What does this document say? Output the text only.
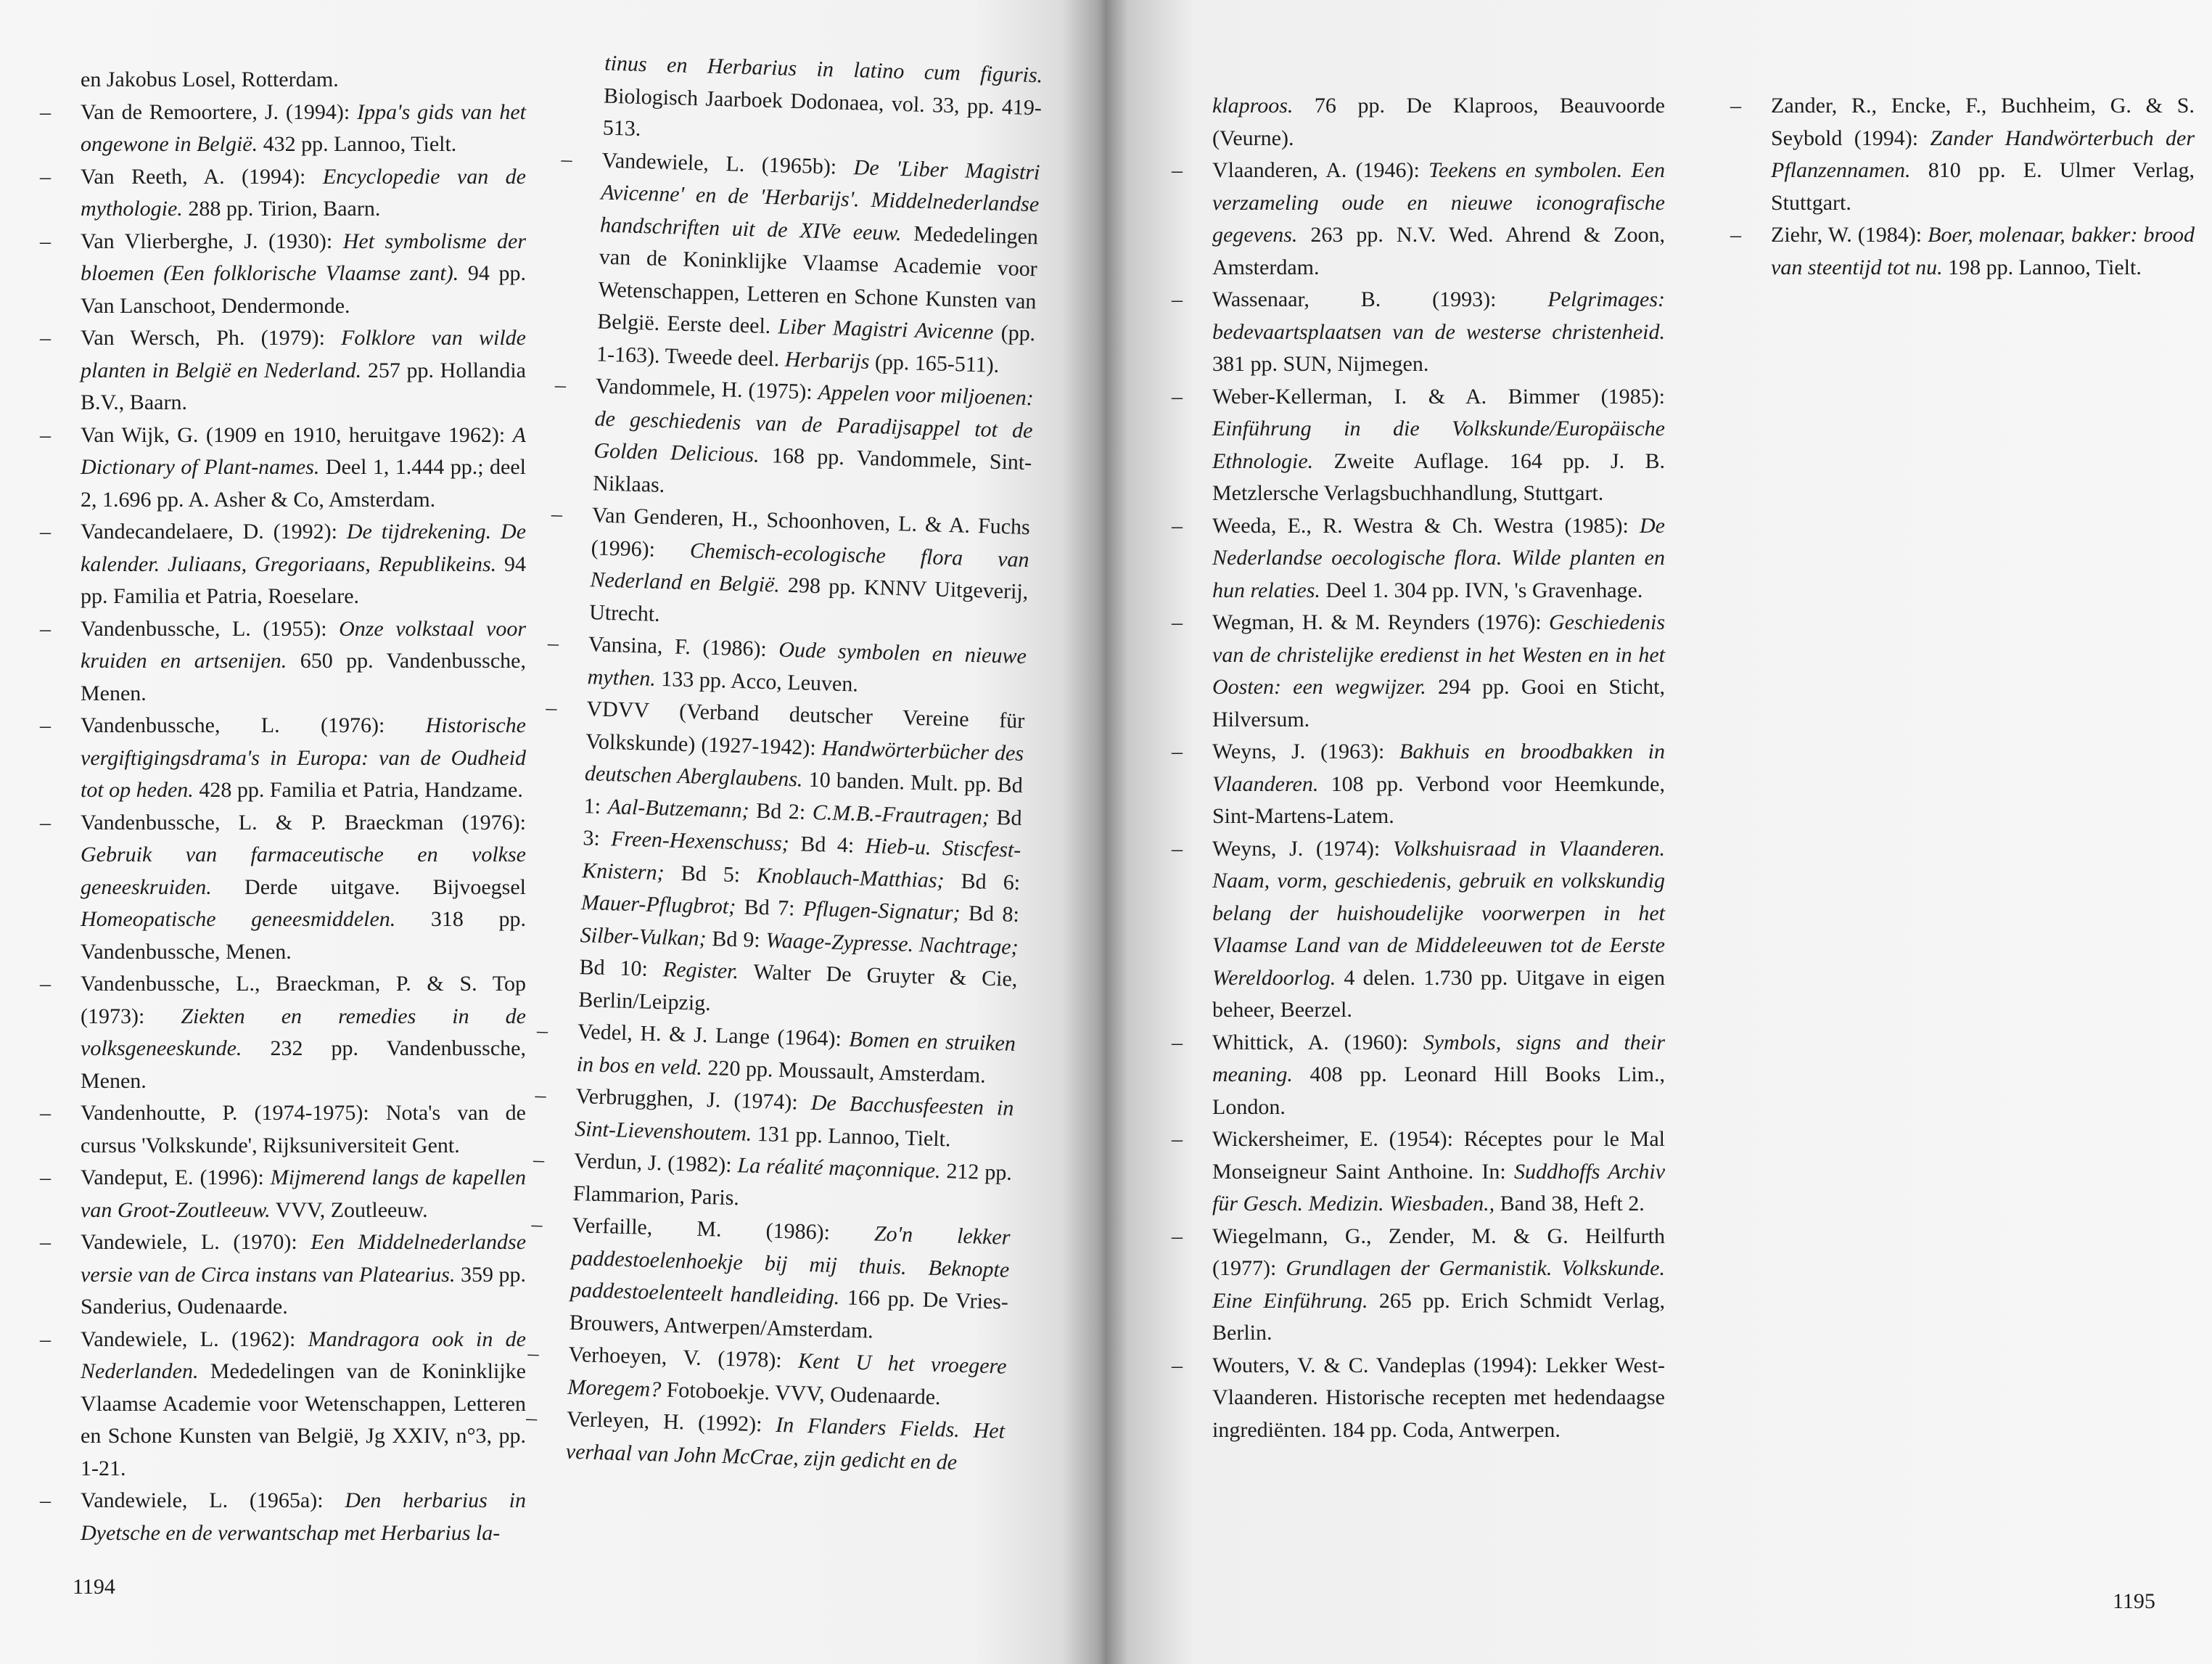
en Jakobus Losel, Rotterdam.

–	Van de Remoortere, J. (1994): Ippa's gids van het ongewone in België. 432 pp. Lannoo, Tielt.

–	Van Reeth, A. (1994): Encyclopedie van de mythologie. 288 pp. Tirion, Baarn.

–	Van Vlierberghe, J. (1930): Het symbolisme der bloemen (Een folklorische Vlaamse zant). 94 pp. Van Lanschoot, Dendermonde.

–	Van Wersch, Ph. (1979): Folklore van wilde planten in België en Nederland. 257 pp. Hollandia B.V., Baarn.

–	Van Wijk, G. (1909 en 1910, heruitgave 1962): A Dictionary of Plant-names. Deel 1, 1.444 pp.; deel 2, 1.696 pp. A. Asher & Co, Amsterdam.

–	Vandecandelaere, D. (1992): De tijdrekening. De kalender. Juliaans, Gregoriaans, Republikeins. 94 pp. Familia et Patria, Roeselare.

–	Vandenbussche, L. (1955): Onze volkstaal voor kruiden en artsenijen. 650 pp. Vandenbussche, Menen.

–	Vandenbussche, L. (1976): Historische vergiftigingsdrama's in Europa: van de Oudheid tot op heden. 428 pp. Familia et Patria, Handzame.

–	Vandenbussche, L. & P. Braeckman (1976): Gebruik van farmaceutische en volkse geneeskruiden. Derde uitgave. Bijvoegsel Homeopatische geneesmiddelen. 318 pp. Vandenbussche, Menen.

–	Vandenbussche, L., Braeckman, P. & S. Top (1973): Ziekten en remedies in de volksgeneeskunde. 232 pp. Vandenbussche, Menen.

–	Vandenhoutte, P. (1974-1975): Nota's van de cursus 'Volkskunde', Rijksuniversiteit Gent.

–	Vandeput, E. (1996): Mijmerend langs de kapellen van Groot-Zoutleeuw. VVV, Zoutleeuw.

–	Vandewiele, L. (1970): Een Middelnederlandse versie van de Circa instans van Platearius. 359 pp. Sanderius, Oudenaarde.

–	Vandewiele, L. (1962): Mandragora ook in de Nederlanden. Mededelingen van de Koninklijke Vlaamse Academie voor Wetenschappen, Letteren en Schone Kunsten van België, Jg XXIV, n°3, pp. 1-21.

–	Vandewiele, L. (1965a): Den herbarius in Dyetsche en de verwantschap met Herbarius la-

tinus en Herbarius in latino cum figuris. Biologisch Jaarboek Dodonaea, vol. 33, pp. 419-513.

–	Vandewiele, L. (1965b): De 'Liber Magistri Avicenne' en de 'Herbarijs'. Middelnederlandse handschriften uit de XIVe eeuw. Mededelingen van de Koninklijke Vlaamse Academie voor Wetenschappen, Letteren en Schone Kunsten van België. Eerste deel. Liber Magistri Avicenne (pp. 1-163). Tweede deel. Herbarijs (pp. 165-511).

–	Vandommele, H. (1975): Appelen voor miljoenen: de geschiedenis van de Paradijsappel tot de Golden Delicious. 168 pp. Vandommele, Sint-Niklaas.

–	Van Genderen, H., Schoonhoven, L. & A. Fuchs (1996): Chemisch-ecologische flora van Nederland en België. 298 pp. KNNV Uitgeverij, Utrecht.

–	Vansina, F. (1986): Oude symbolen en nieuwe mythen. 133 pp. Acco, Leuven.

–	VDVV (Verband deutscher Vereine für Volkskunde) (1927-1942): Handwörterbücher des deutschen Aberglaubens. 10 banden. Mult. pp. Bd 1: Aal-Butzemann; Bd 2: C.M.B.-Frautragen; Bd 3: Freen-Hexenschuss; Bd 4: Hieb-u. Stiscfest-Knistern; Bd 5: Knoblauch-Matthias; Bd 6: Mauer-Pflugbrot; Bd 7: Pflugen-Signatur; Bd 8: Silber-Vulkan; Bd 9: Waage-Zypresse. Nachtrage; Bd 10: Register. Walter De Gruyter & Cie, Berlin/Leipzig.

–	Vedel, H. & J. Lange (1964): Bomen en struiken in bos en veld. 220 pp. Moussault, Amsterdam.

–	Verbrugghen, J. (1974): De Bacchusfeesten in Sint-Lievenshoutem. 131 pp. Lannoo, Tielt.

–	Verdun, J. (1982): La réalité maçonnique. 212 pp. Flammarion, Paris.

–	Verfaille, M. (1986): Zo'n lekker paddestoelenhoekje bij mij thuis. Beknopte paddestoelenteelt handleiding. 166 pp. De Vries-Brouwers, Antwerpen/Amsterdam.

–	Verhoeyen, V. (1978): Kent U het vroegere Moregem? Fotoboekje. VVV, Oudenaarde.

–	Verleyen, H. (1992): In Flanders Fields. Het verhaal van John McCrae, zijn gedicht en de

1194

klaproos. 76 pp. De Klaproos, Beauvoorde (Veurne).

–	Vlaanderen, A. (1946): Teekens en symbolen. Een verzameling oude en nieuwe iconografische gegevens. 263 pp. N.V. Wed. Ahrend & Zoon, Amsterdam.

–	Wassenaar, B. (1993): Pelgrimages: bedevaartsplaatsen van de westerse christenheid. 381 pp. SUN, Nijmegen.

–	Weber-Kellerman, I. & A. Bimmer (1985): Einführung in die Volkskunde/Europäische Ethnologie. Zweite Auflage. 164 pp. J. B. Metzlersche Verlagsbuchhandlung, Stuttgart.

–	Weeda, E., R. Westra & Ch. Westra (1985): De Nederlandse oecologische flora. Wilde planten en hun relaties. Deel 1. 304 pp. IVN, 's Gravenhage.

–	Wegman, H. & M. Reynders (1976): Geschiedenis van de christelijke eredienst in het Westen en in het Oosten: een wegwijzer. 294 pp. Gooi en Sticht, Hilversum.

–	Weyns, J. (1963): Bakhuis en broodbakken in Vlaanderen. 108 pp. Verbond voor Heemkunde, Sint-Martens-Latem.

–	Weyns, J. (1974): Volkshuisraad in Vlaanderen. Naam, vorm, geschiedenis, gebruik en volkskundig belang der huishoudelijke voorwerpen in het Vlaamse Land van de Middeleeuwen tot de Eerste Wereldoorlog. 4 delen. 1.730 pp. Uitgave in eigen beheer, Beerzel.

–	Whittick, A. (1960): Symbols, signs and their meaning. 408 pp. Leonard Hill Books Lim., London.

–	Wickersheimer, E. (1954): Réceptes pour le Mal Monseigneur Saint Anthoine. In: Suddhoffs Archiv für Gesch. Medizin. Wiesbaden., Band 38, Heft 2.

–	Wiegelmann, G., Zender, M. & G. Heilfurth (1977): Grundlagen der Germanistik. Volkskunde. Eine Einführung. 265 pp. Erich Schmidt Verlag, Berlin.

–	Wouters, V. & C. Vandeplas (1994): Lekker West-Vlaanderen. Historische recepten met hedendaagse ingrediënten. 184 pp. Coda, Antwerpen.

–	Zander, R., Encke, F., Buchheim, G. & S. Seybold (1994): Zander Handwörterbuch der Pflanzennamen. 810 pp. E. Ulmer Verlag, Stuttgart.

–	Ziehr, W. (1984): Boer, molenaar, bakker: brood van steentijd tot nu. 198 pp. Lannoo, Tielt.

1195
